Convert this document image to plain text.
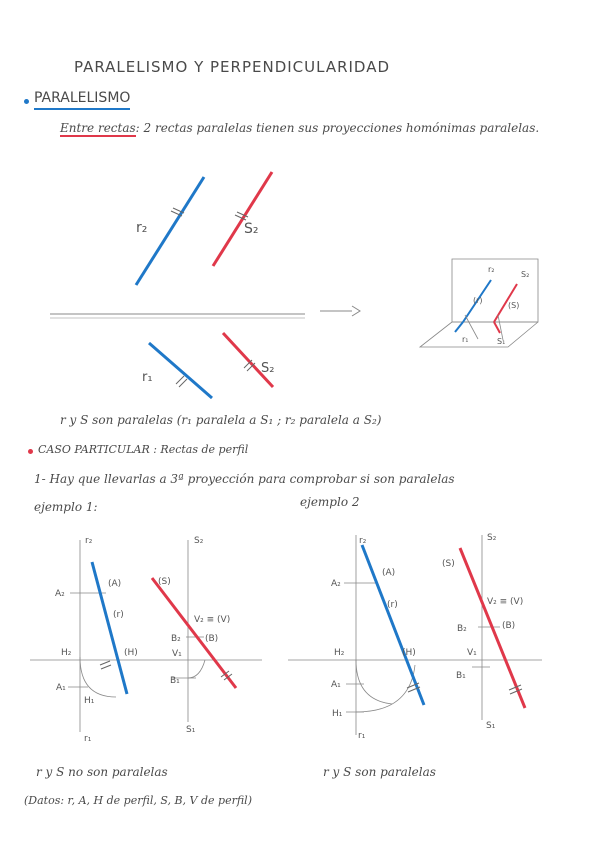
PARALELISMO Y PERPENDICULARIDAD
PARALELISMO
Entre rectas: 2 rectas paralelas tienen sus proyecciones homónimas paralelas.
r y S son paralelas (r₁ paralela a S₁ ; r₂ paralela a S₂)
CASO PARTICULAR : Rectas de perfil
1- Hay que llevarlas a 3ª proyección para comprobar si son paralelas
ejemplo 1:	ejemplo 2
r y S no son paralelas	r y S son paralelas
(Datos: r, A, H de perfil, S, B, V de perfil)
r₂	S₂
r₁
S₂
r₂
S₂
(r)
(S)
r₁	S₁
r₂	S₂
(A)	(S)
A₂
(r)	V₂ ≡ (V)
B₂	(B)
H₂	(H)	V₁
A₁
B₁
H₁
r₁
S₁
r₂	S₂
(A)
(S)
A₂
(r)	V₂ ≡ (V)
B₂	(B)
H₂	(H)	V₁
A₁
B₁
H₁
r₁
S₁
